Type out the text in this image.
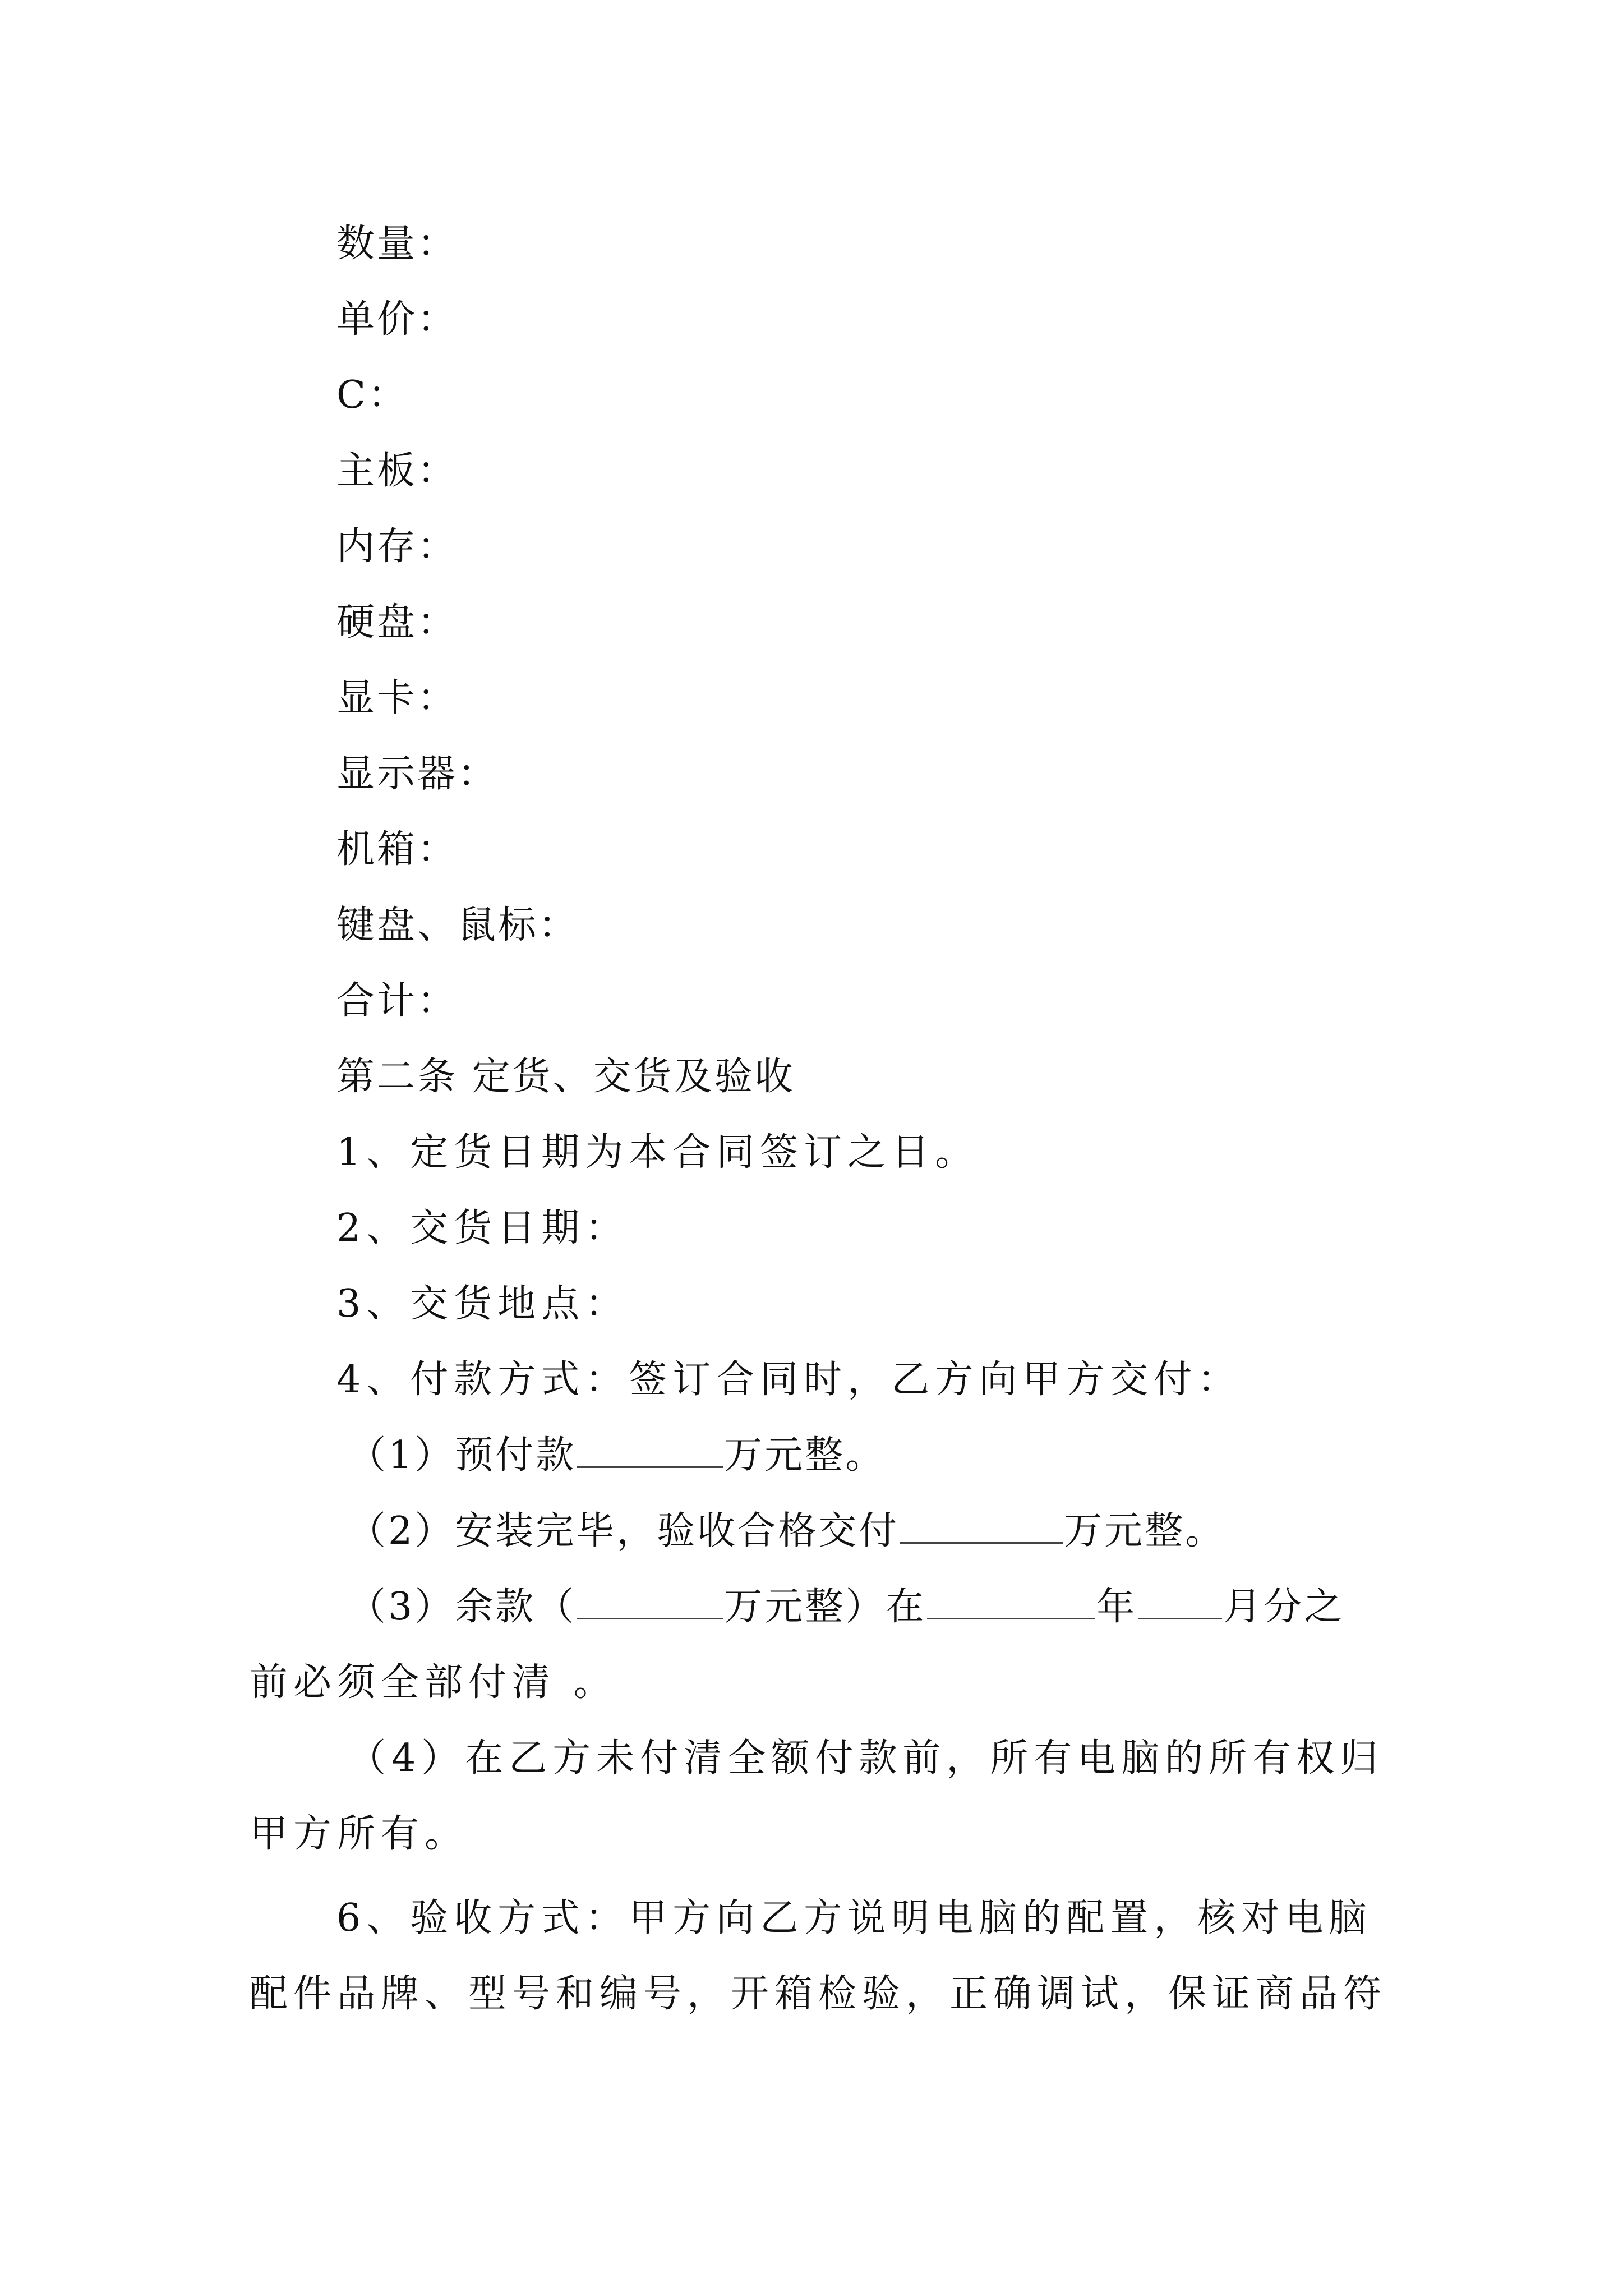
数量：
单价：
C：
主板：
内存：
硬盘：
显卡：
显示器：
机箱：
键盘、鼠标：
合计：
第二条 定货、交货及验收
1、定货日期为本合同签订之日。
2、交货日期：
3、交货地点：
4、付款方式：签订合同时，乙方向甲方交付：
（1）预付款	万元整。
（2）安装完毕，验收合格交付	万元整。
（3）余款（	万元整）在	年 月分之
前必须全部付清 。
（4）在乙方未付清全额付款前，所有电脑的所有权归
甲方所有。
6、验收方式：甲方向乙方说明电脑的配置，核对电脑
配件品牌、型号和编号，开箱检验，正确调试，保证商品符
